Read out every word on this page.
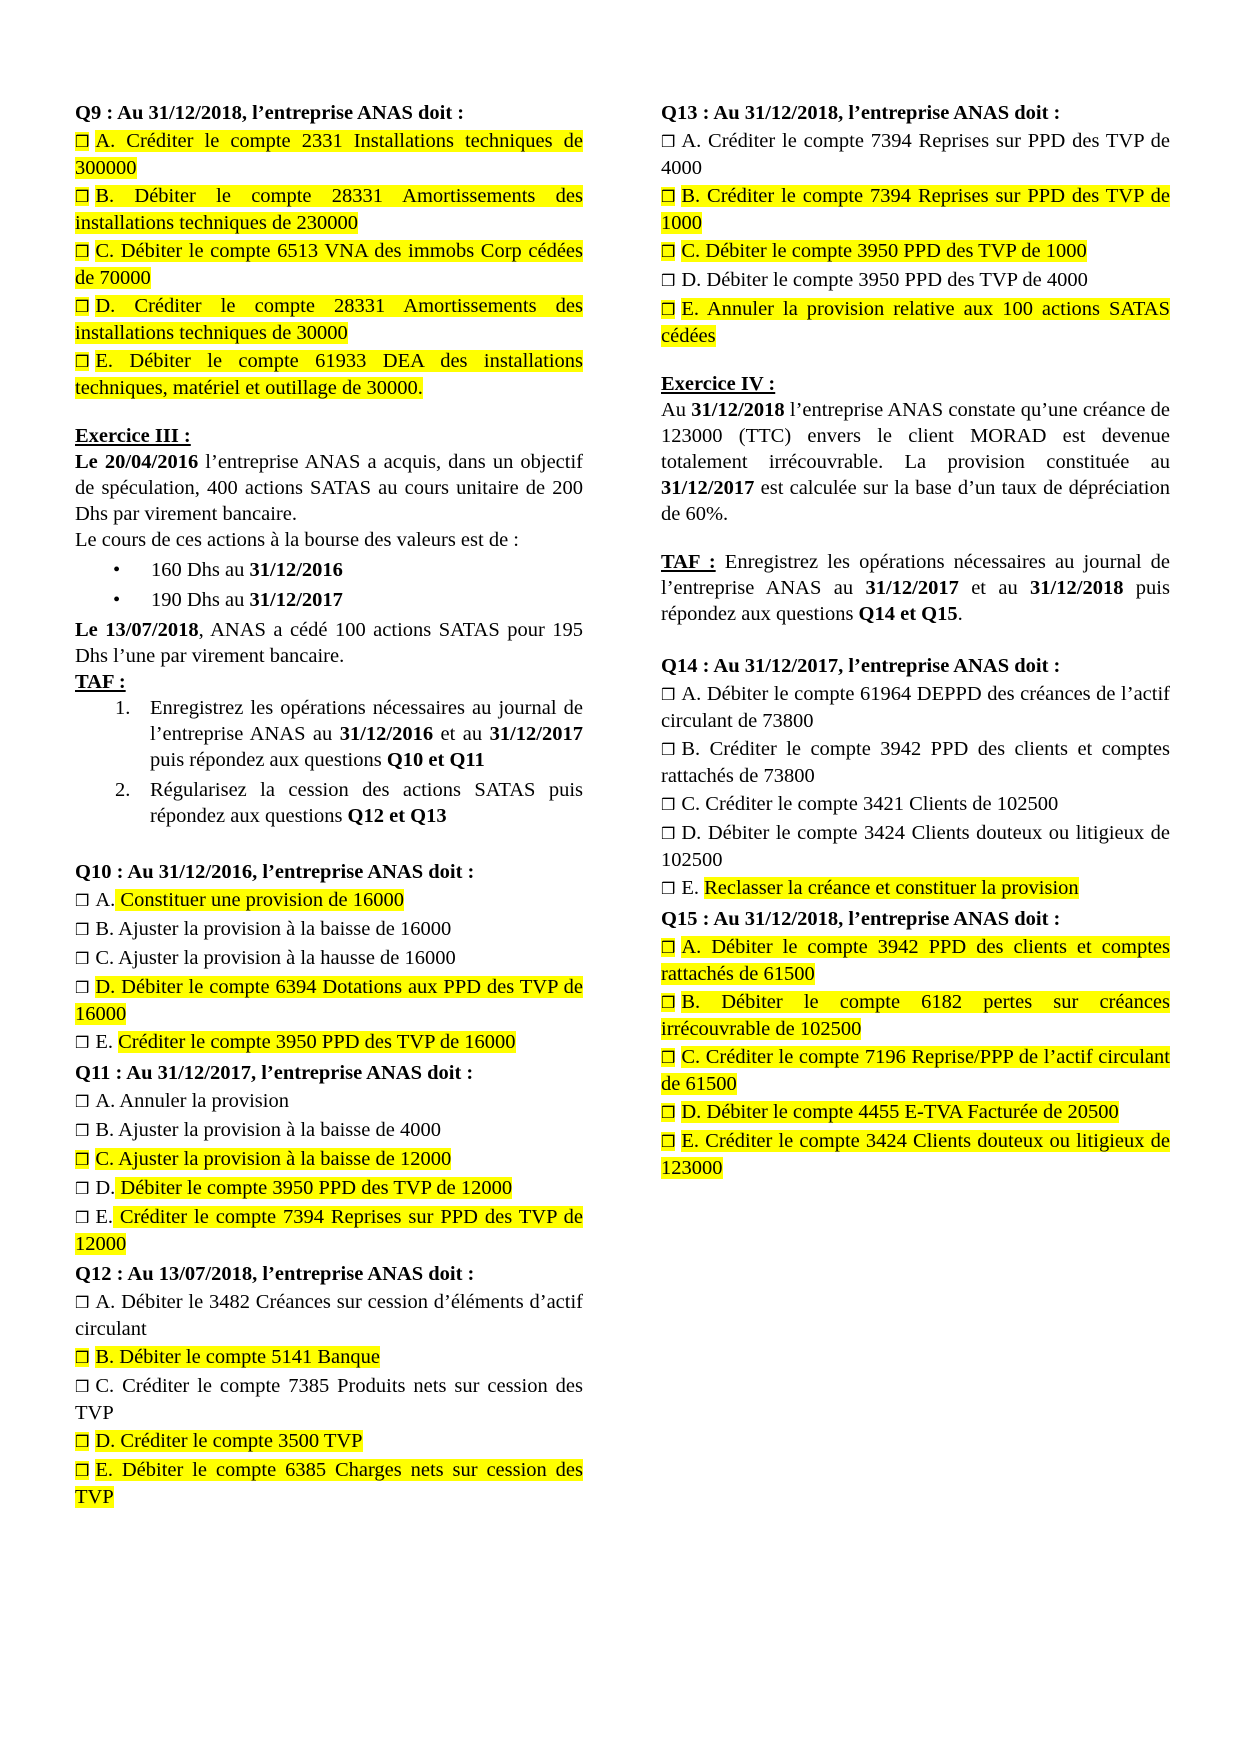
Q9 : Au 31/12/2018, l’entreprise ANAS doit :
❒ A. Créditer le compte 2331 Installations techniques de 300000
❒ B. Débiter le compte 28331 Amortissements des installations techniques de 230000
❒ C. Débiter le compte 6513 VNA des immobs Corp cédées de 70000
❒ D. Créditer le compte 28331 Amortissements des installations techniques de 30000
❒ E. Débiter le compte 61933 DEA des installations techniques, matériel et outillage de 30000.
Exercice III :

Le 20/04/2016 l’entreprise ANAS a acquis, dans un objectif de spéculation, 400 actions SATAS au cours unitaire de 200 Dhs par virement bancaire.

Le cours de ces actions à la bourse des valeurs est de :

• 160 Dhs au 31/12/2016
• 190 Dhs au 31/12/2017

Le 13/07/2018, ANAS a cédé 100 actions SATAS pour 195 Dhs l’une par virement bancaire.

TAF :
1. Enregistrez les opérations nécessaires au journal de l’entreprise ANAS au 31/12/2016 et au 31/12/2017 puis répondez aux questions Q10 et Q11
2. Régularisez la cession des actions SATAS puis répondez aux questions Q12 et Q13
Q10 : Au 31/12/2016, l’entreprise ANAS doit :
❒ A. Constituer une provision de 16000
❒ B. Ajuster la provision à la baisse de 16000
❒ C. Ajuster la provision à la hausse de 16000
❒ D. Débiter le compte 6394 Dotations aux PPD des TVP de 16000
❒ E. Créditer le compte 3950 PPD des TVP de 16000
Q11 : Au 31/12/2017, l’entreprise ANAS doit :
❒ A. Annuler la provision
❒ B. Ajuster la provision à la baisse de 4000
❒ C. Ajuster la provision à la baisse de 12000
❒ D. Débiter le compte 3950 PPD des TVP de 12000
❒ E. Créditer le compte 7394 Reprises sur PPD des TVP de 12000
Q12 : Au 13/07/2018, l’entreprise ANAS doit :
❒ A. Débiter le 3482 Créances sur cession d’éléments d’actif circulant
❒ B. Débiter le compte 5141 Banque
❒ C. Créditer le compte 7385 Produits nets sur cession des TVP
❒ D. Créditer le compte 3500 TVP
❒ E. Débiter le compte 6385 Charges nets sur cession des TVP
Q13 : Au 31/12/2018, l’entreprise ANAS doit :
❒ A. Créditer le compte 7394 Reprises sur PPD des TVP de 4000
❒ B. Créditer le compte 7394 Reprises sur PPD des TVP de 1000
❒ C. Débiter le compte 3950 PPD des TVP de 1000
❒ D. Débiter le compte 3950 PPD des TVP de 4000
❒ E. Annuler la provision relative aux 100 actions SATAS cédées
Exercice IV :

Au 31/12/2018 l’entreprise ANAS constate qu’une créance de 123000 (TTC) envers le client MORAD est devenue totalement irrécouvrable. La provision constituée au 31/12/2017 est calculée sur la base d’un taux de dépréciation de 60%.

TAF : Enregistrez les opérations nécessaires au journal de l’entreprise ANAS au 31/12/2017 et au 31/12/2018 puis répondez aux questions Q14 et Q15.

Q14 : Au 31/12/2017, l’entreprise ANAS doit :
❒ A. Débiter le compte 61964 DEPPD des créances de l’actif circulant de 73800
❒ B. Créditer le compte 3942 PPD des clients et comptes rattachés de 73800
❒ C. Créditer le compte 3421 Clients de 102500
❒ D. Débiter le compte 3424 Clients douteux ou litigieux de 102500
❒ E. Reclasser la créance et constituer la provision
Q15 : Au 31/12/2018, l’entreprise ANAS doit :
❒ A. Débiter le compte 3942 PPD des clients et comptes rattachés de 61500
❒ B. Débiter le compte 6182 pertes sur créances irrécouvrable de 102500
❒ C. Créditer le compte 7196 Reprise/PPP de l’actif circulant de 61500
❒ D. Débiter le compte 4455 E-TVA Facturée de 20500
❒ E. Créditer le compte 3424 Clients douteux ou litigieux de 123000
